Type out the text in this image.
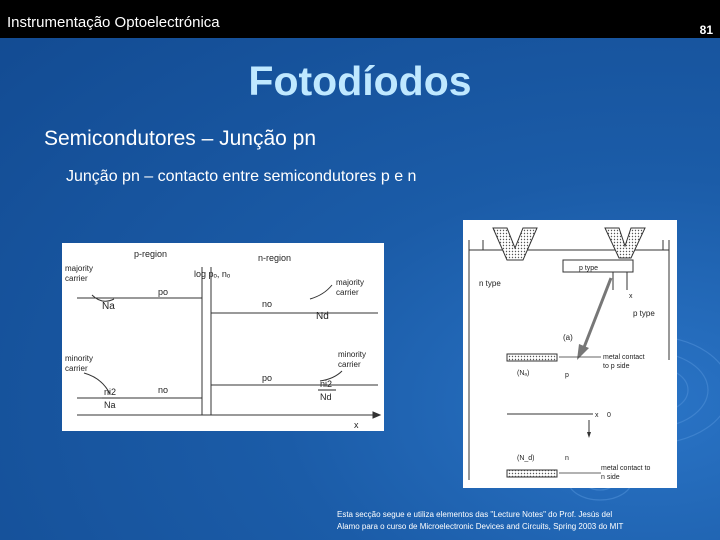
Instrumentação Optoelectrónica	81
Fotodíodos
Semicondutores – Junção pn
Junção pn – contacto entre semicondutores p e n
p-region	n-region
log pₒ, nₒ
majority
carrier	majority
carrier
minority
carrier
minority
carrier
Na
po
no
Nd
po
no
ni2
Na
ni2
Nd
x
n type
p type
x
p type
(a)
metal contact
to p side
(Nₐ)	p
x 0
(N_d)	n
metal contact to
n side
Esta secção segue e utiliza elementos das "Lecture Notes" do Prof. Jesús del
Alamo para o curso de Microelectronic Devices and Circuits, Spring 2003 do MIT
